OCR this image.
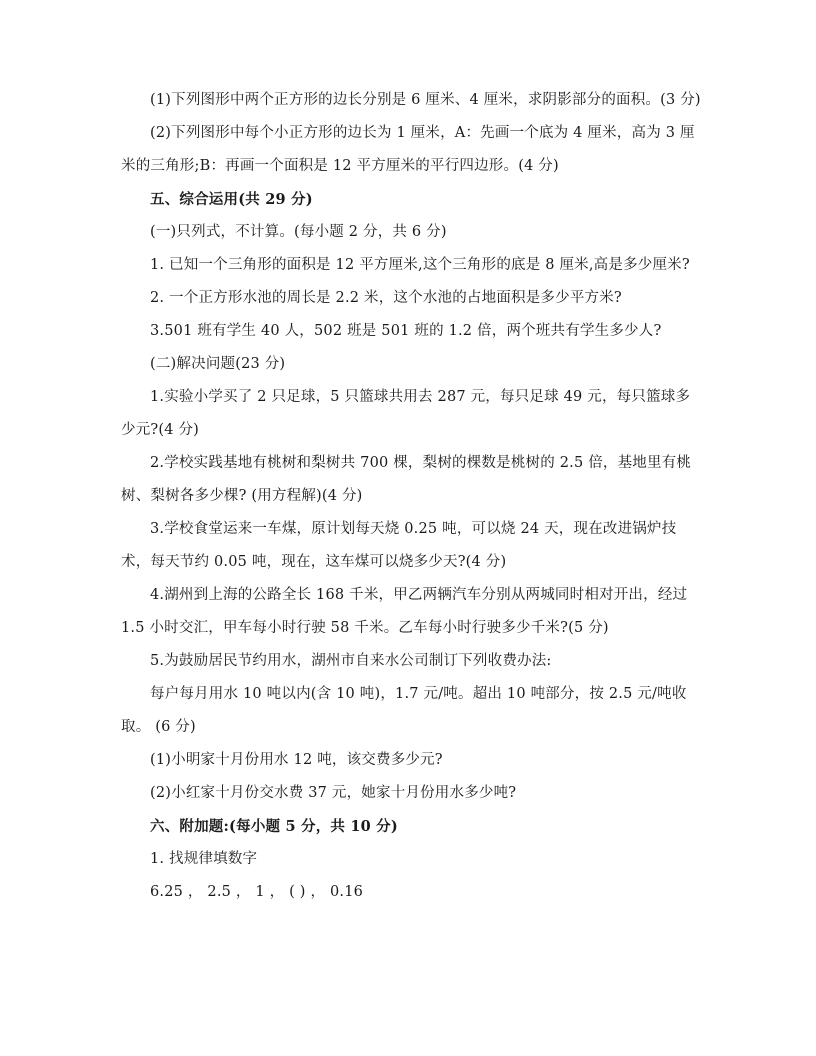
(1)下列图形中两个正方形的边长分别是 6 厘米、4 厘米，求阴影部分的面积。(3 分)

(2)下列图形中每个小正方形的边长为 1 厘米，A：先画一个底为 4 厘米，高为 3 厘米的三角形;B：再画一个面积是 12 平方厘米的平行四边形。(4 分)

五、综合运用(共 29 分)

(一)只列式，不计算。(每小题 2 分，共 6 分)

1. 已知一个三角形的面积是 12 平方厘米,这个三角形的底是 8 厘米,高是多少厘米?

2. 一个正方形水池的周长是 2.2 米，这个水池的占地面积是多少平方米?

3.501 班有学生 40 人，502 班是 501 班的 1.2 倍，两个班共有学生多少人?

(二)解决问题(23 分)

1.实验小学买了 2 只足球，5 只篮球共用去 287 元，每只足球 49 元，每只篮球多少元?(4 分)

2.学校实践基地有桃树和梨树共 700 棵，梨树的棵数是桃树的 2.5 倍，基地里有桃树、梨树各多少棵? (用方程解)(4 分)

3.学校食堂运来一车煤，原计划每天烧 0.25 吨，可以烧 24 天，现在改进锅炉技术，每天节约 0.05 吨，现在，这车煤可以烧多少天?(4 分)

4.湖州到上海的公路全长 168 千米，甲乙两辆汽车分别从两城同时相对开出，经过 1.5 小时交汇，甲车每小时行驶 58 千米。乙车每小时行驶多少千米?(5 分)

5.为鼓励居民节约用水，湖州市自来水公司制订下列收费办法:

每户每月用水 10 吨以内(含 10 吨)，1.7 元/吨。超出 10 吨部分，按 2.5 元/吨收取。 (6 分)

(1)小明家十月份用水 12 吨，该交费多少元?

(2)小红家十月份交水费 37 元，她家十月份用水多少吨?

六、附加题:(每小题 5 分，共 10 分)

1. 找规律填数字

6.25 ， 2.5 ， 1 ， ( ) ， 0.16
